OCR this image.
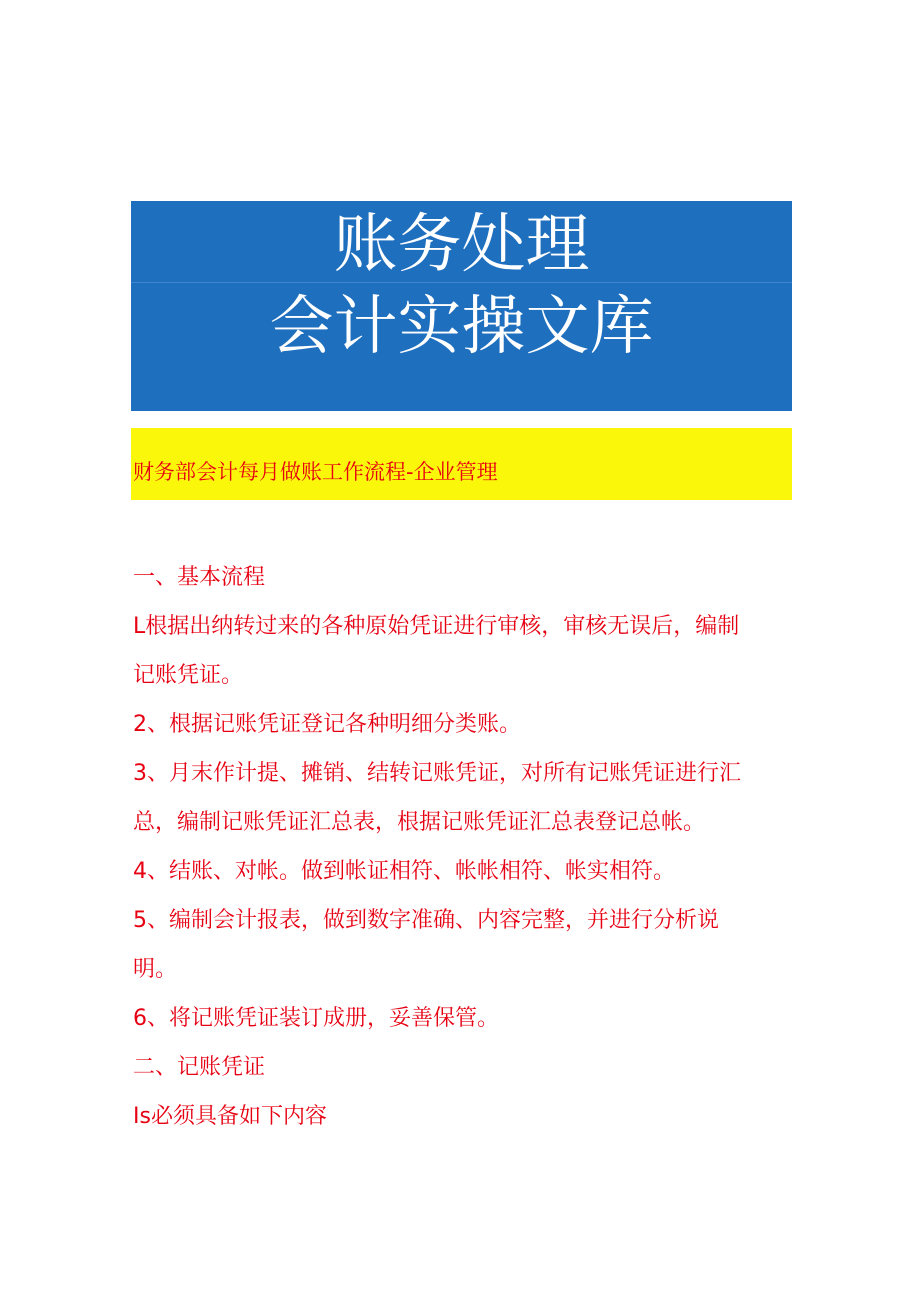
账务处理
会计实操文库
财务部会计每月做账工作流程-企业管理

一、基本流程

L根据出纳转过来的各种原始凭证进行审核，审核无误后，编制

记账凭证。

2、根据记账凭证登记各种明细分类账。

3、月末作计提、摊销、结转记账凭证，对所有记账凭证进行汇

总，编制记账凭证汇总表，根据记账凭证汇总表登记总帐。

4、结账、对帐。做到帐证相符、帐帐相符、帐实相符。

5、编制会计报表，做到数字准确、内容完整，并进行分析说

明。

6、将记账凭证装订成册，妥善保管。

二、记账凭证

Is必须具备如下内容
